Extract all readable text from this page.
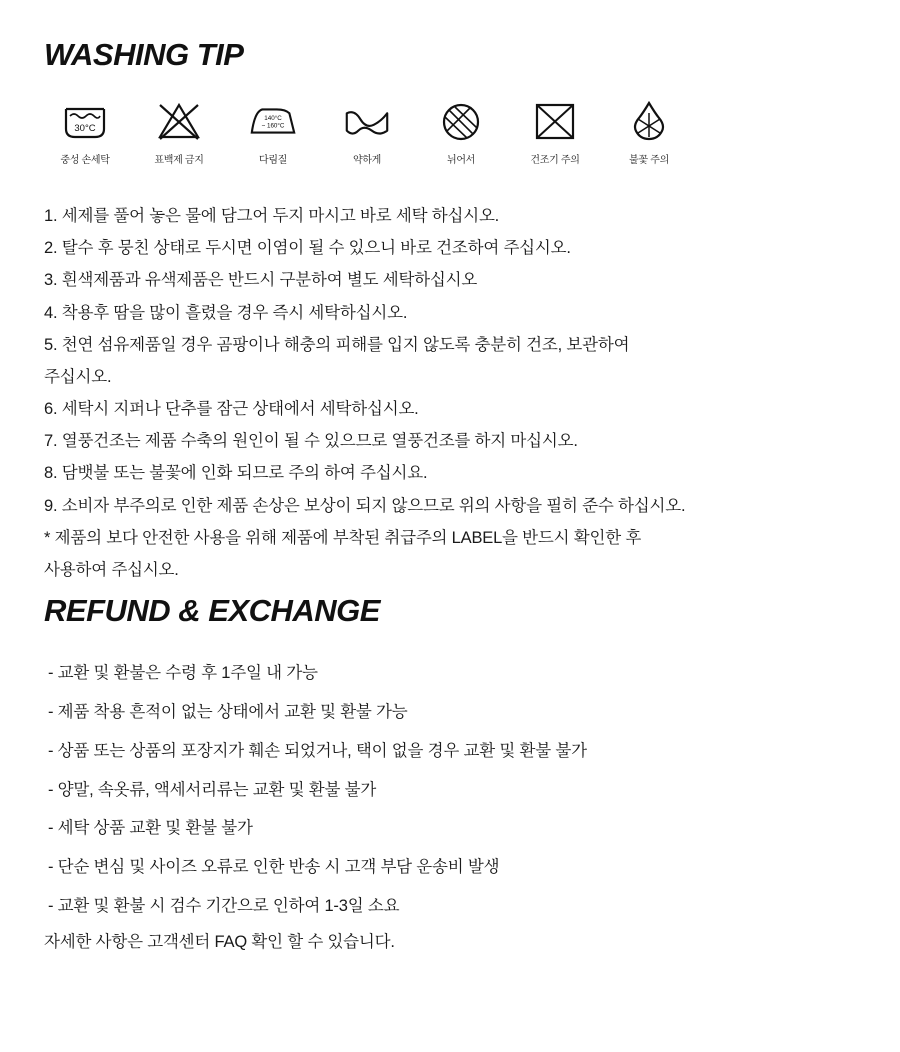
WASHING TIP
30°C
중성 손세탁	표백제 금지
140°C
~ 160°C
다림질	약하게	뉘어서	건조기 주의	불꽃 주의
1. 세제를 풀어 놓은 물에 담그어 두지 마시고 바로 세탁 하십시오.
2. 탈수 후 뭉친 상태로 두시면 이염이 될 수 있으니 바로 건조하여 주십시오.
3. 흰색제품과 유색제품은 반드시 구분하여 별도 세탁하십시오
4. 착용후 땀을 많이 흘렸을 경우 즉시 세탁하십시오.
5. 천연 섬유제품일 경우 곰팡이나 해충의 피해를 입지 않도록 충분히 건조, 보관하여
주십시오.
6. 세탁시 지퍼나 단추를 잠근 상태에서 세탁하십시오.
7. 열풍건조는 제품 수축의 원인이 될 수 있으므로 열풍건조를 하지 마십시오.
8. 담뱃불 또는 불꽃에 인화 되므로 주의 하여 주십시요.
9. 소비자 부주의로 인한 제품 손상은 보상이 되지 않으므로 위의 사항을 필히 준수 하십시오.
* 제품의 보다 안전한 사용을 위해 제품에 부착된 취급주의 LABEL을 반드시 확인한 후
사용하여 주십시오.
REFUND & EXCHANGE
- 교환 및 환불은 수령 후 1주일 내 가능
- 제품 착용 흔적이 없는 상태에서 교환 및 환불 가능
- 상품 또는 상품의 포장지가 훼손 되었거나, 택이 없을 경우 교환 및 환불 불가
- 양말, 속옷류, 액세서리류는 교환 및 환불 불가
- 세탁 상품 교환 및 환불 불가
- 단순 변심 및 사이즈 오류로 인한 반송 시 고객 부담 운송비 발생
- 교환 및 환불 시 검수 기간으로 인하여 1-3일 소요
자세한 사항은 고객센터 FAQ 확인 할 수 있습니다.
